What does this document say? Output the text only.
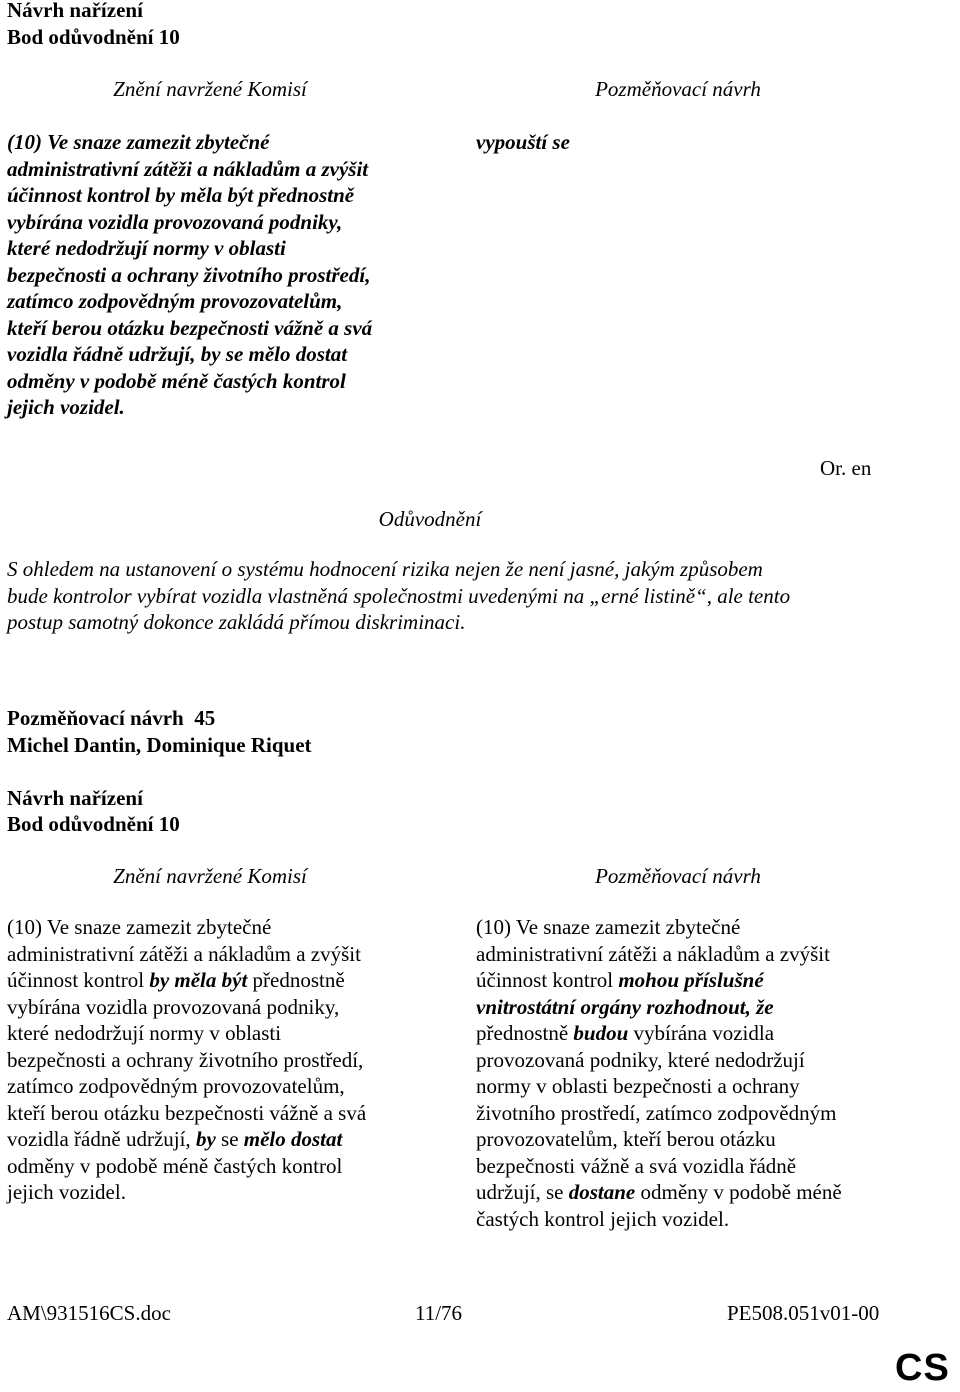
Návrh nařízení
Bod odůvodnění 10
Znění navržené Komisí	Pozměňovací návrh
(10) Ve snaze zamezit zbytečné
administrativní zátěži a nákladům a zvýšit
účinnost kontrol by měla být přednostně
vybírána vozidla provozovaná podniky,
které nedodržují normy v oblasti
bezpečnosti a ochrany životního prostředí,
zatímco zodpovědným provozovatelům,
kteří berou otázku bezpečnosti vážně a svá
vozidla řádně udržují, by se mělo dostat
odměny v podobě méně častých kontrol
jejich vozidel.
vypouští se
Or. en
Odůvodnění
S ohledem na ustanovení o systému hodnocení rizika nejen že není jasné, jakým způsobem
bude kontrolor vybírat vozidla vlastněná společnostmi uvedenými na „erné listině“, ale tento
postup samotný dokonce zakládá přímou diskriminaci.
Pozměňovací návrh  45
Michel Dantin, Dominique Riquet
Návrh nařízení
Bod odůvodnění 10
Znění navržené Komisí	Pozměňovací návrh
(10) Ve snaze zamezit zbytečné
administrativní zátěži a nákladům a zvýšit
účinnost kontrol by měla být přednostně
vybírána vozidla provozovaná podniky,
které nedodržují normy v oblasti
bezpečnosti a ochrany životního prostředí,
zatímco zodpovědným provozovatelům,
kteří berou otázku bezpečnosti vážně a svá
vozidla řádně udržují, by se mělo dostat
odměny v podobě méně častých kontrol
jejich vozidel.
(10) Ve snaze zamezit zbytečné
administrativní zátěži a nákladům a zvýšit
účinnost kontrol mohou příslušné
vnitrostátní orgány rozhodnout, že
přednostně budou vybírána vozidla
provozovaná podniky, které nedodržují
normy v oblasti bezpečnosti a ochrany
životního prostředí, zatímco zodpovědným
provozovatelům, kteří berou otázku
bezpečnosti vážně a svá vozidla řádně
udržují, se dostane odměny v podobě méně
častých kontrol jejich vozidel.
AM\931516CS.doc	11/76	PE508.051v01-00
CS
